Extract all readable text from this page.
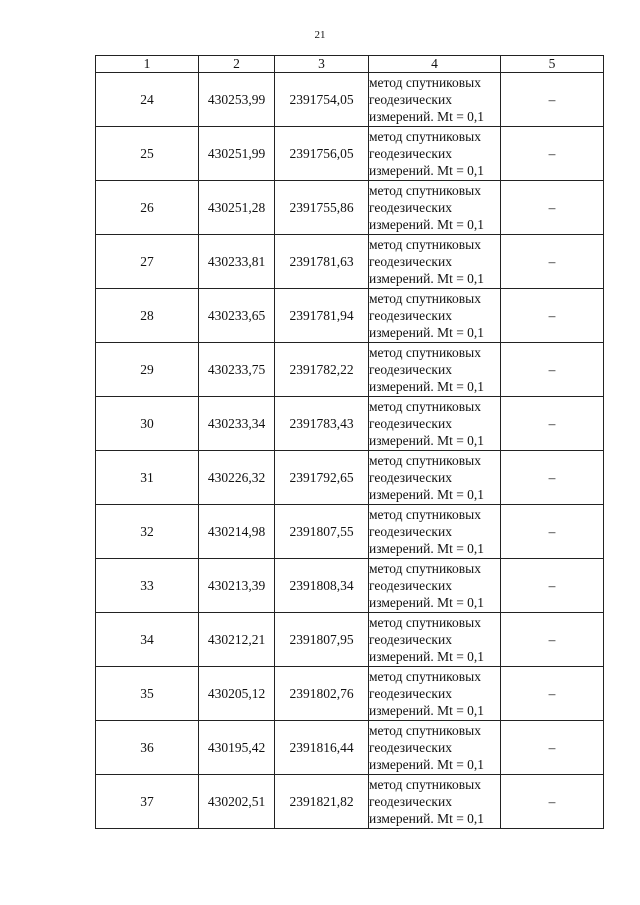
21
1	2	3	4	5
24	430253,99	2391754,05	метод спутниковых
геодезических
измерений. Mt = 0,1	–
25	430251,99	2391756,05	метод спутниковых
геодезических
измерений. Mt = 0,1	–
26	430251,28	2391755,86	метод спутниковых
геодезических
измерений. Mt = 0,1	–
27	430233,81	2391781,63	метод спутниковых
геодезических
измерений. Mt = 0,1	–
28	430233,65	2391781,94	метод спутниковых
геодезических
измерений. Mt = 0,1	–
29	430233,75	2391782,22	метод спутниковых
геодезических
измерений. Mt = 0,1	–
30	430233,34	2391783,43	метод спутниковых
геодезических
измерений. Mt = 0,1	–
31	430226,32	2391792,65	метод спутниковых
геодезических
измерений. Mt = 0,1	–
32	430214,98	2391807,55	метод спутниковых
геодезических
измерений. Mt = 0,1	–
33	430213,39	2391808,34	метод спутниковых
геодезических
измерений. Mt = 0,1	–
34	430212,21	2391807,95	метод спутниковых
геодезических
измерений. Mt = 0,1	–
35	430205,12	2391802,76	метод спутниковых
геодезических
измерений. Mt = 0,1	–
36	430195,42	2391816,44	метод спутниковых
геодезических
измерений. Mt = 0,1	–
37	430202,51	2391821,82	метод спутниковых
геодезических
измерений. Mt = 0,1	–
